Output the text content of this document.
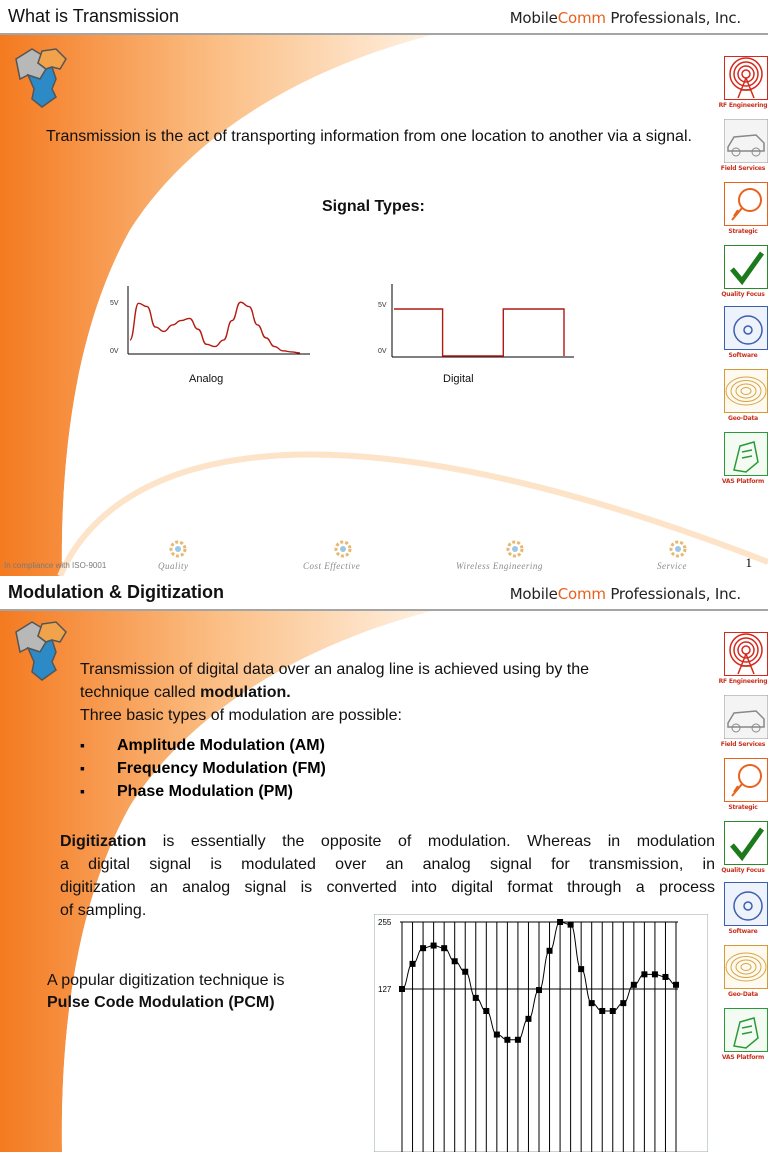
What is Transmission	MobileComm Professionals, Inc.
Transmission is the act of transporting information from one location to another via a signal.
Signal Types:
5V
0V
Analog
5V
0V
Digital
RF Engineering
Field Services
Strategic
Quality Focus
Software
Geo-Data
VAS Platform
In compliance with ISO-9001	Quality	Cost Effective	Wireless Engineering	Service	1
Modulation & Digitization	MobileComm Professionals, Inc.
RF Engineering
Field Services
Strategic
Quality Focus
Software
Geo-Data
VAS Platform
Transmission of digital data over an analog line is achieved using by the
technique called modulation.
Three basic types of modulation are possible:
▪ Amplitude Modulation (AM)
▪ Frequency Modulation (FM)
▪ Phase Modulation (PM)
Digitization is essentially the opposite of modulation. Whereas in modulation
a digital signal is modulated over an analog signal for transmission, in
digitization an analog signal is converted into digital format through a process
of sampling.
A popular digitization technique is
Pulse Code Modulation (PCM)
255
127
